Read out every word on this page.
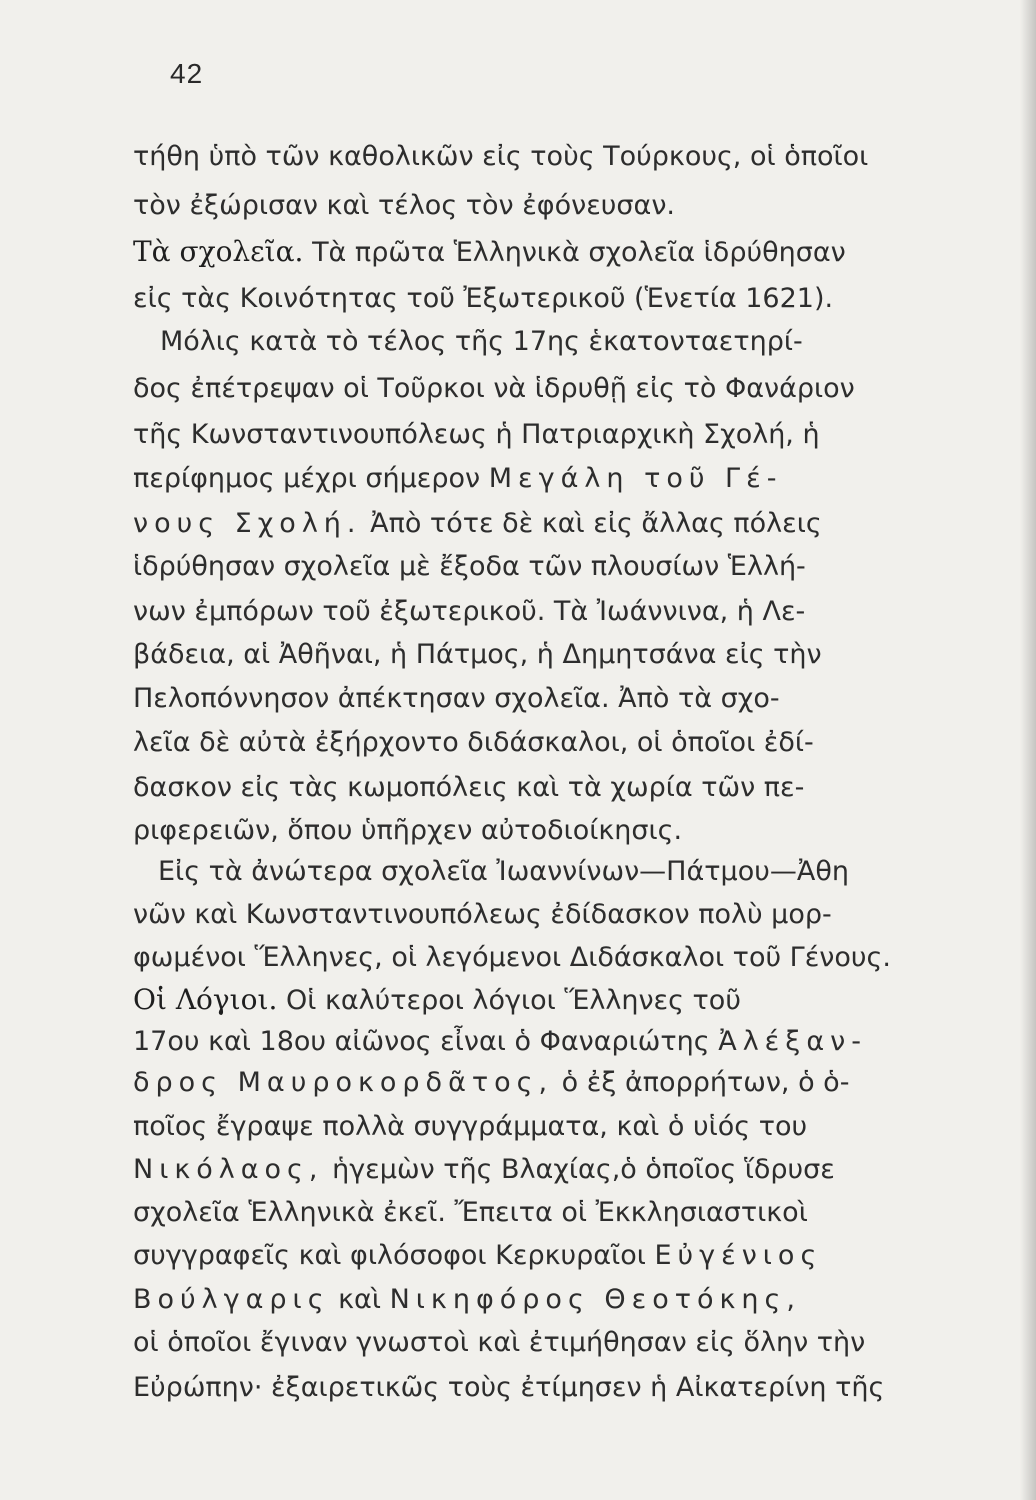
42
τήθη ὑπὸ τῶν καθολικῶν εἰς τοὺς Τούρκους, οἱ ὁποῖοι
τὸν ἐξώρισαν καὶ τέλος τὸν ἐφόνευσαν.
Τὰ σχολεῖα. Τὰ πρῶτα Ἑλληνικὰ σχολεῖα ἱδρύθησαν
εἰς τὰς Κοινότητας τοῦ Ἐξωτερικοῦ (Ἑνετία 1621).
Μόλις κατὰ τὸ τέλος τῆς 17ης ἑκατονταετηρί-
δος ἐπέτρεψαν οἱ Τοῦρκοι νὰ ἱδρυθῇ εἰς τὸ Φανάριον
τῆς Κωνσταντινουπόλεως ἡ Πατριαρχικὴ Σχολή, ἡ
περίφημος μέχρι σήμερον Μεγάλη τοῦ Γέ-
νους Σχολή. Ἀπὸ τότε δὲ καὶ εἰς ἄλλας πόλεις
ἱδρύθησαν σχολεῖα μὲ ἔξοδα τῶν πλουσίων Ἑλλή-
νων ἐμπόρων τοῦ ἐξωτερικοῦ. Τὰ Ἰωάννινα, ἡ Λε-
βάδεια, αἱ Ἀθῆναι, ἡ Πάτμος, ἡ Δημητσάνα εἰς τὴν
Πελοπόννησον ἀπέκτησαν σχολεῖα. Ἀπὸ τὰ σχο-
λεῖα δὲ αὐτὰ ἐξήρχοντο διδάσκαλοι, οἱ ὁποῖοι ἐδί-
δασκον εἰς τὰς κωμοπόλεις καὶ τὰ χωρία τῶν πε-
ριφερειῶν, ὅπου ὑπῆρχεν αὐτοδιοίκησις.
Εἰς τὰ ἀνώτερα σχολεῖα Ἰωαννίνων—Πάτμου—Ἀθη
νῶν καὶ Κωνσταντινουπόλεως ἐδίδασκον πολὺ μορ-
φωμένοι Ἕλληνες, οἱ λεγόμενοι Διδάσκαλοι τοῦ Γένους.
Οἱ Λόγιοι. Οἱ καλύτεροι λόγιοι Ἕλληνες τοῦ
17ου καὶ 18ου αἰῶνος εἶναι ὁ Φαναριώτης Ἀλέξαν-
δρος Μαυροκορδᾶτος, ὁ ἐξ ἀπορρήτων, ὁ ὁ-
ποῖος ἔγραψε πολλὰ συγγράμματα, καὶ ὁ υἱός του
Νικόλαος, ἡγεμὼν τῆς Βλαχίας,ὁ ὁποῖος ἵδρυσε
σχολεῖα Ἑλληνικὰ ἐκεῖ. Ἔπειτα οἱ Ἐκκλησιαστικοὶ
συγγραφεῖς καὶ φιλόσοφοι Κερκυραῖοι Εὐγένιος
Βούλγαρις καὶ Νικηφόρος Θεοτόκης,
οἱ ὁποῖοι ἔγιναν γνωστοὶ καὶ ἐτιμήθησαν εἰς ὅλην τὴν
Εὐρώπην· ἐξαιρετικῶς τοὺς ἐτίμησεν ἡ Αἰκατερίνη τῆς
